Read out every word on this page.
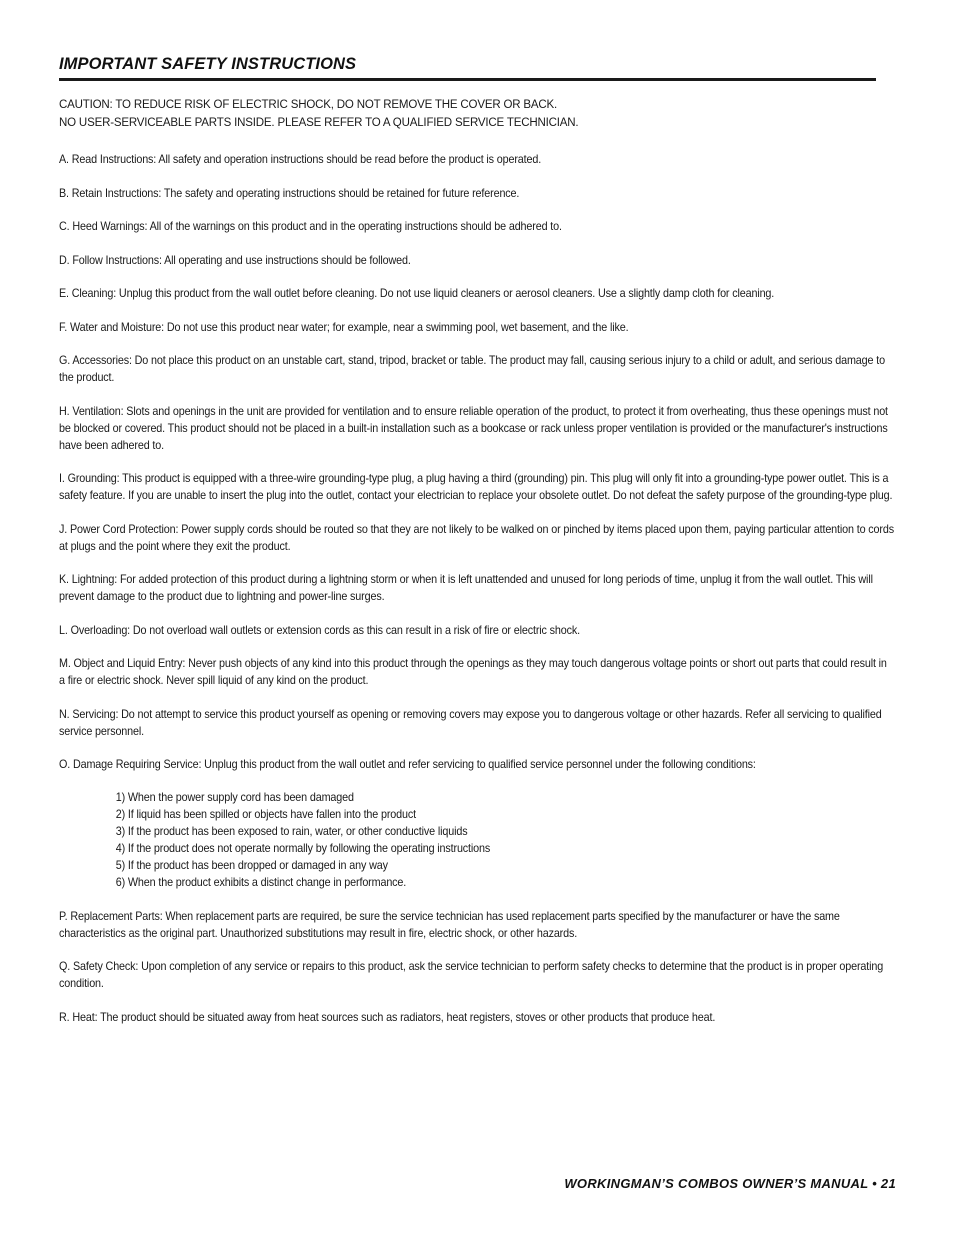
IMPORTANT SAFETY INSTRUCTIONS
CAUTION: TO REDUCE RISK OF ELECTRIC SHOCK, DO NOT REMOVE THE COVER OR BACK.
NO USER-SERVICEABLE PARTS INSIDE. PLEASE REFER TO A QUALIFIED SERVICE TECHNICIAN.

A. Read Instructions: All safety and operation instructions should be read before the product is operated.

B. Retain Instructions: The safety and operating instructions should be retained for future reference.

C. Heed Warnings: All of the warnings on this product and in the operating instructions should be adhered to.

D. Follow Instructions: All operating and use instructions should be followed.

E. Cleaning: Unplug this product from the wall outlet before cleaning. Do not use liquid cleaners or aerosol cleaners. Use a slightly damp cloth for cleaning.

F. Water and Moisture: Do not use this product near water; for example, near a swimming pool, wet basement, and the like.

G. Accessories: Do not place this product on an unstable cart, stand, tripod, bracket or table. The product may fall, causing serious injury to a child or adult, and serious damage to the product.

H. Ventilation: Slots and openings in the unit are provided for ventilation and to ensure reliable operation of the product, to protect it from overheating, thus these openings must not be blocked or covered. This product should not be placed in a built-in installation such as a bookcase or rack unless proper ventilation is provided or the manufacturer's instructions have been adhered to.

I. Grounding: This product is equipped with a three-wire grounding-type plug, a plug having a third (grounding) pin. This plug will only fit into a grounding-type power outlet. This is a safety feature. If you are unable to insert the plug into the outlet, contact your electrician to replace your obsolete outlet. Do not defeat the safety purpose of the grounding-type plug.

J. Power Cord Protection: Power supply cords should be routed so that they are not likely to be walked on or pinched by items placed upon them, paying particular attention to cords at plugs and the point where they exit the product.

K. Lightning: For added protection of this product during a lightning storm or when it is left unattended and unused for long periods of time, unplug it from the wall outlet. This will prevent damage to the product due to lightning and power-line surges.

L. Overloading: Do not overload wall outlets or extension cords as this can result in a risk of fire or electric shock.

M. Object and Liquid Entry: Never push objects of any kind into this product through the openings as they may touch dangerous voltage points or short out parts that could result in a fire or electric shock. Never spill liquid of any kind on the product.

N. Servicing: Do not attempt to service this product yourself as opening or removing covers may expose you to dangerous voltage or other hazards. Refer all servicing to qualified service personnel.

O. Damage Requiring Service: Unplug this product from the wall outlet and refer servicing to qualified service personnel under the following conditions:

1) When the power supply cord has been damaged
2) If liquid has been spilled or objects have fallen into the product
3) If the product has been exposed to rain, water, or other conductive liquids
4) If the product does not operate normally by following the operating instructions
5) If the product has been dropped or damaged in any way
6) When the product exhibits a distinct change in performance.

P. Replacement Parts: When replacement parts are required, be sure the service technician has used replacement parts specified by the manufacturer or have the same characteristics as the original part. Unauthorized substitutions may result in fire, electric shock, or other hazards.

Q. Safety Check: Upon completion of any service or repairs to this product, ask the service technician to perform safety checks to determine that the product is in proper operating condition.

R. Heat: The product should be situated away from heat sources such as radiators, heat registers, stoves or other products that produce heat.

WORKINGMAN’S COMBOS OWNER’S MANUAL • 21
